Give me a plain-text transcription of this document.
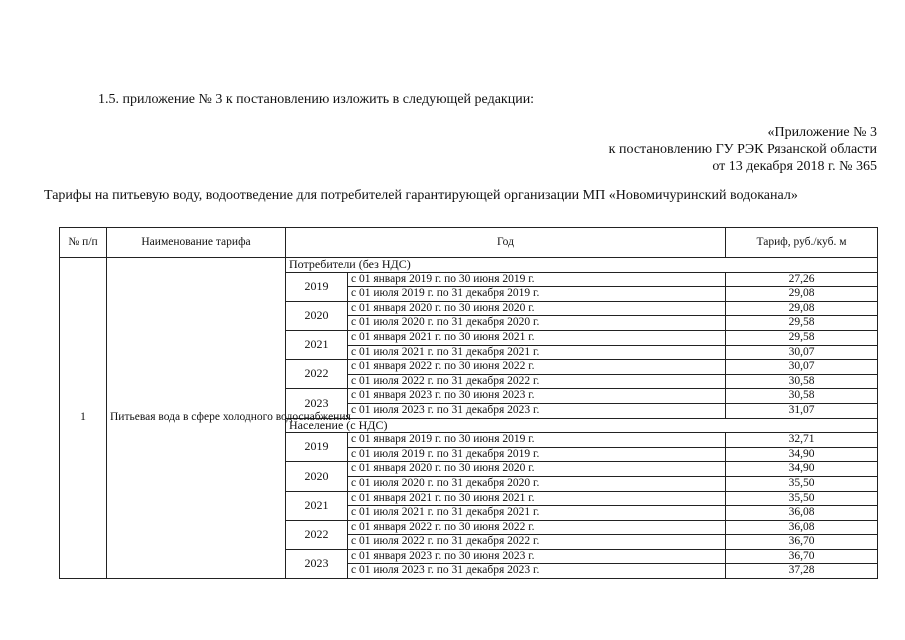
1.5. приложение № 3 к постановлению изложить в следующей редакции:
«Приложение № 3
к постановлению ГУ РЭК Рязанской области
от 13 декабря 2018 г. № 365
Тарифы на питьевую воду, водоотведение для потребителей гарантирующей организации МП «Новомичуринский водоканал»
№ п/п	Наименование тарифа	Год		Тариф, руб./куб. м
1	Питьевая вода в сфере холодного водоснабжения	Потребители (без НДС)		
		2019	с 01 января 2019 г. по 30 июня 2019 г.	27,26
			с 01 июля 2019 г. по 31 декабря 2019 г.	29,08
		2020	с 01 января 2020 г. по 30 июня 2020 г.	29,08
			с 01 июля 2020 г. по 31 декабря 2020 г.	29,58
		2021	с 01 января 2021 г. по 30 июня 2021 г.	29,58
			с 01 июля 2021 г. по 31 декабря 2021 г.	30,07
		2022	с 01 января 2022 г. по 30 июня 2022 г.	30,07
			с 01 июля 2022 г. по 31 декабря 2022 г.	30,58
		2023	с 01 января 2023 г. по 30 июня 2023 г.	30,58
			с 01 июля 2023 г. по 31 декабря 2023 г.	31,07
		Население (с НДС)		
		2019	с 01 января 2019 г. по 30 июня 2019 г.	32,71
			с 01 июля 2019 г. по 31 декабря 2019 г.	34,90
		2020	с 01 января 2020 г. по 30 июня 2020 г.	34,90
			с 01 июля 2020 г. по 31 декабря 2020 г.	35,50
		2021	с 01 января 2021 г. по 30 июня 2021 г.	35,50
			с 01 июля 2021 г. по 31 декабря 2021 г.	36,08
		2022	с 01 января 2022 г. по 30 июня 2022 г.	36,08
			с 01 июля 2022 г. по 31 декабря 2022 г.	36,70
		2023	с 01 января 2023 г. по 30 июня 2023 г.	36,70
			с 01 июля 2023 г. по 31 декабря 2023 г.	37,28
